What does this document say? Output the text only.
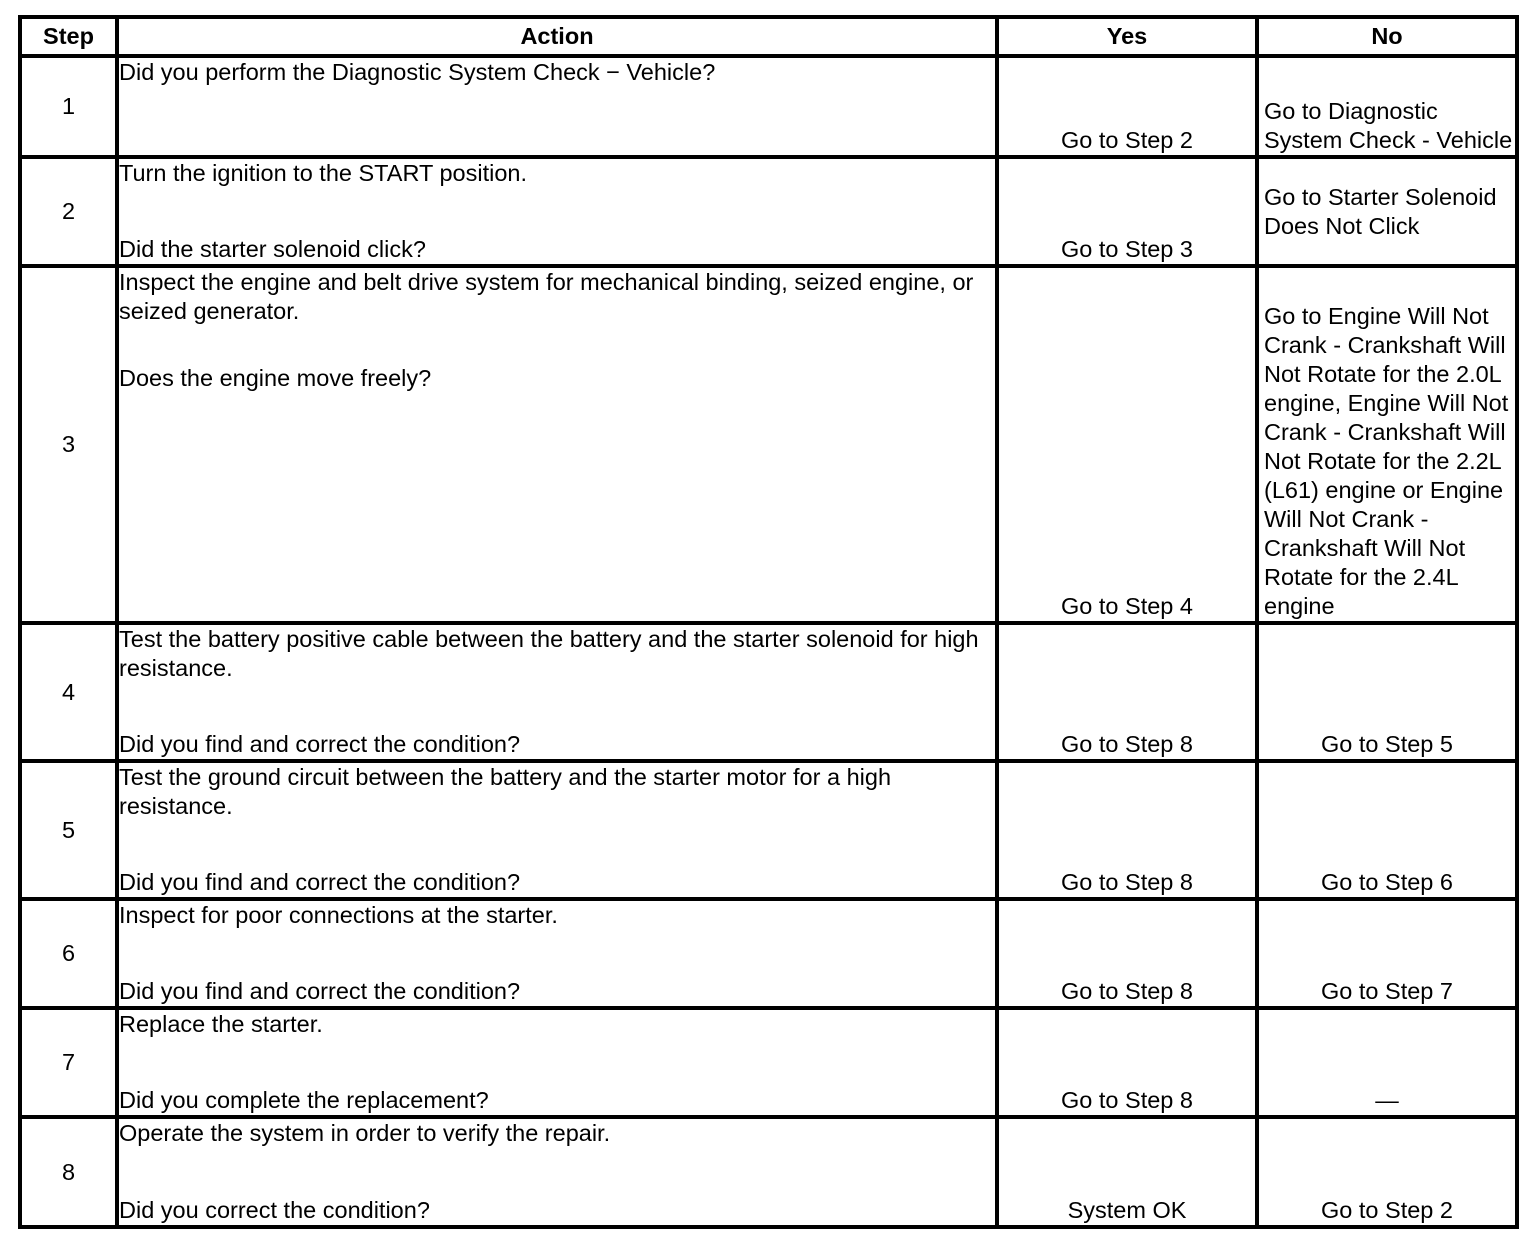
Step	Action	Yes	No
1	Did you perform the Diagnostic System Check − Vehicle?	Go to Step 2	Go to Diagnostic System Check - Vehicle
2	Turn the ignition to the START position.
Did the starter solenoid click?	Go to Step 3	Go to Starter Solenoid Does Not Click
3	Inspect the engine and belt drive system for mechanical binding, seized engine, or seized generator.
Does the engine move freely?	Go to Step 4	Go to Engine Will Not Crank - Crankshaft Will Not Rotate for the 2.0L engine, Engine Will Not Crank - Crankshaft Will Not Rotate for the 2.2L (L61) engine or Engine Will Not Crank - Crankshaft Will Not Rotate for the 2.4L engine
4	Test the battery positive cable between the battery and the starter solenoid for high resistance.
Did you find and correct the condition?	Go to Step 8	Go to Step 5
5	Test the ground circuit between the battery and the starter motor for a high resistance.
Did you find and correct the condition?	Go to Step 8	Go to Step 6
6	Inspect for poor connections at the starter.
Did you find and correct the condition?	Go to Step 8	Go to Step 7
7	Replace the starter.
Did you complete the replacement?	Go to Step 8	—
8	Operate the system in order to verify the repair.
Did you correct the condition?	System OK	Go to Step 2
